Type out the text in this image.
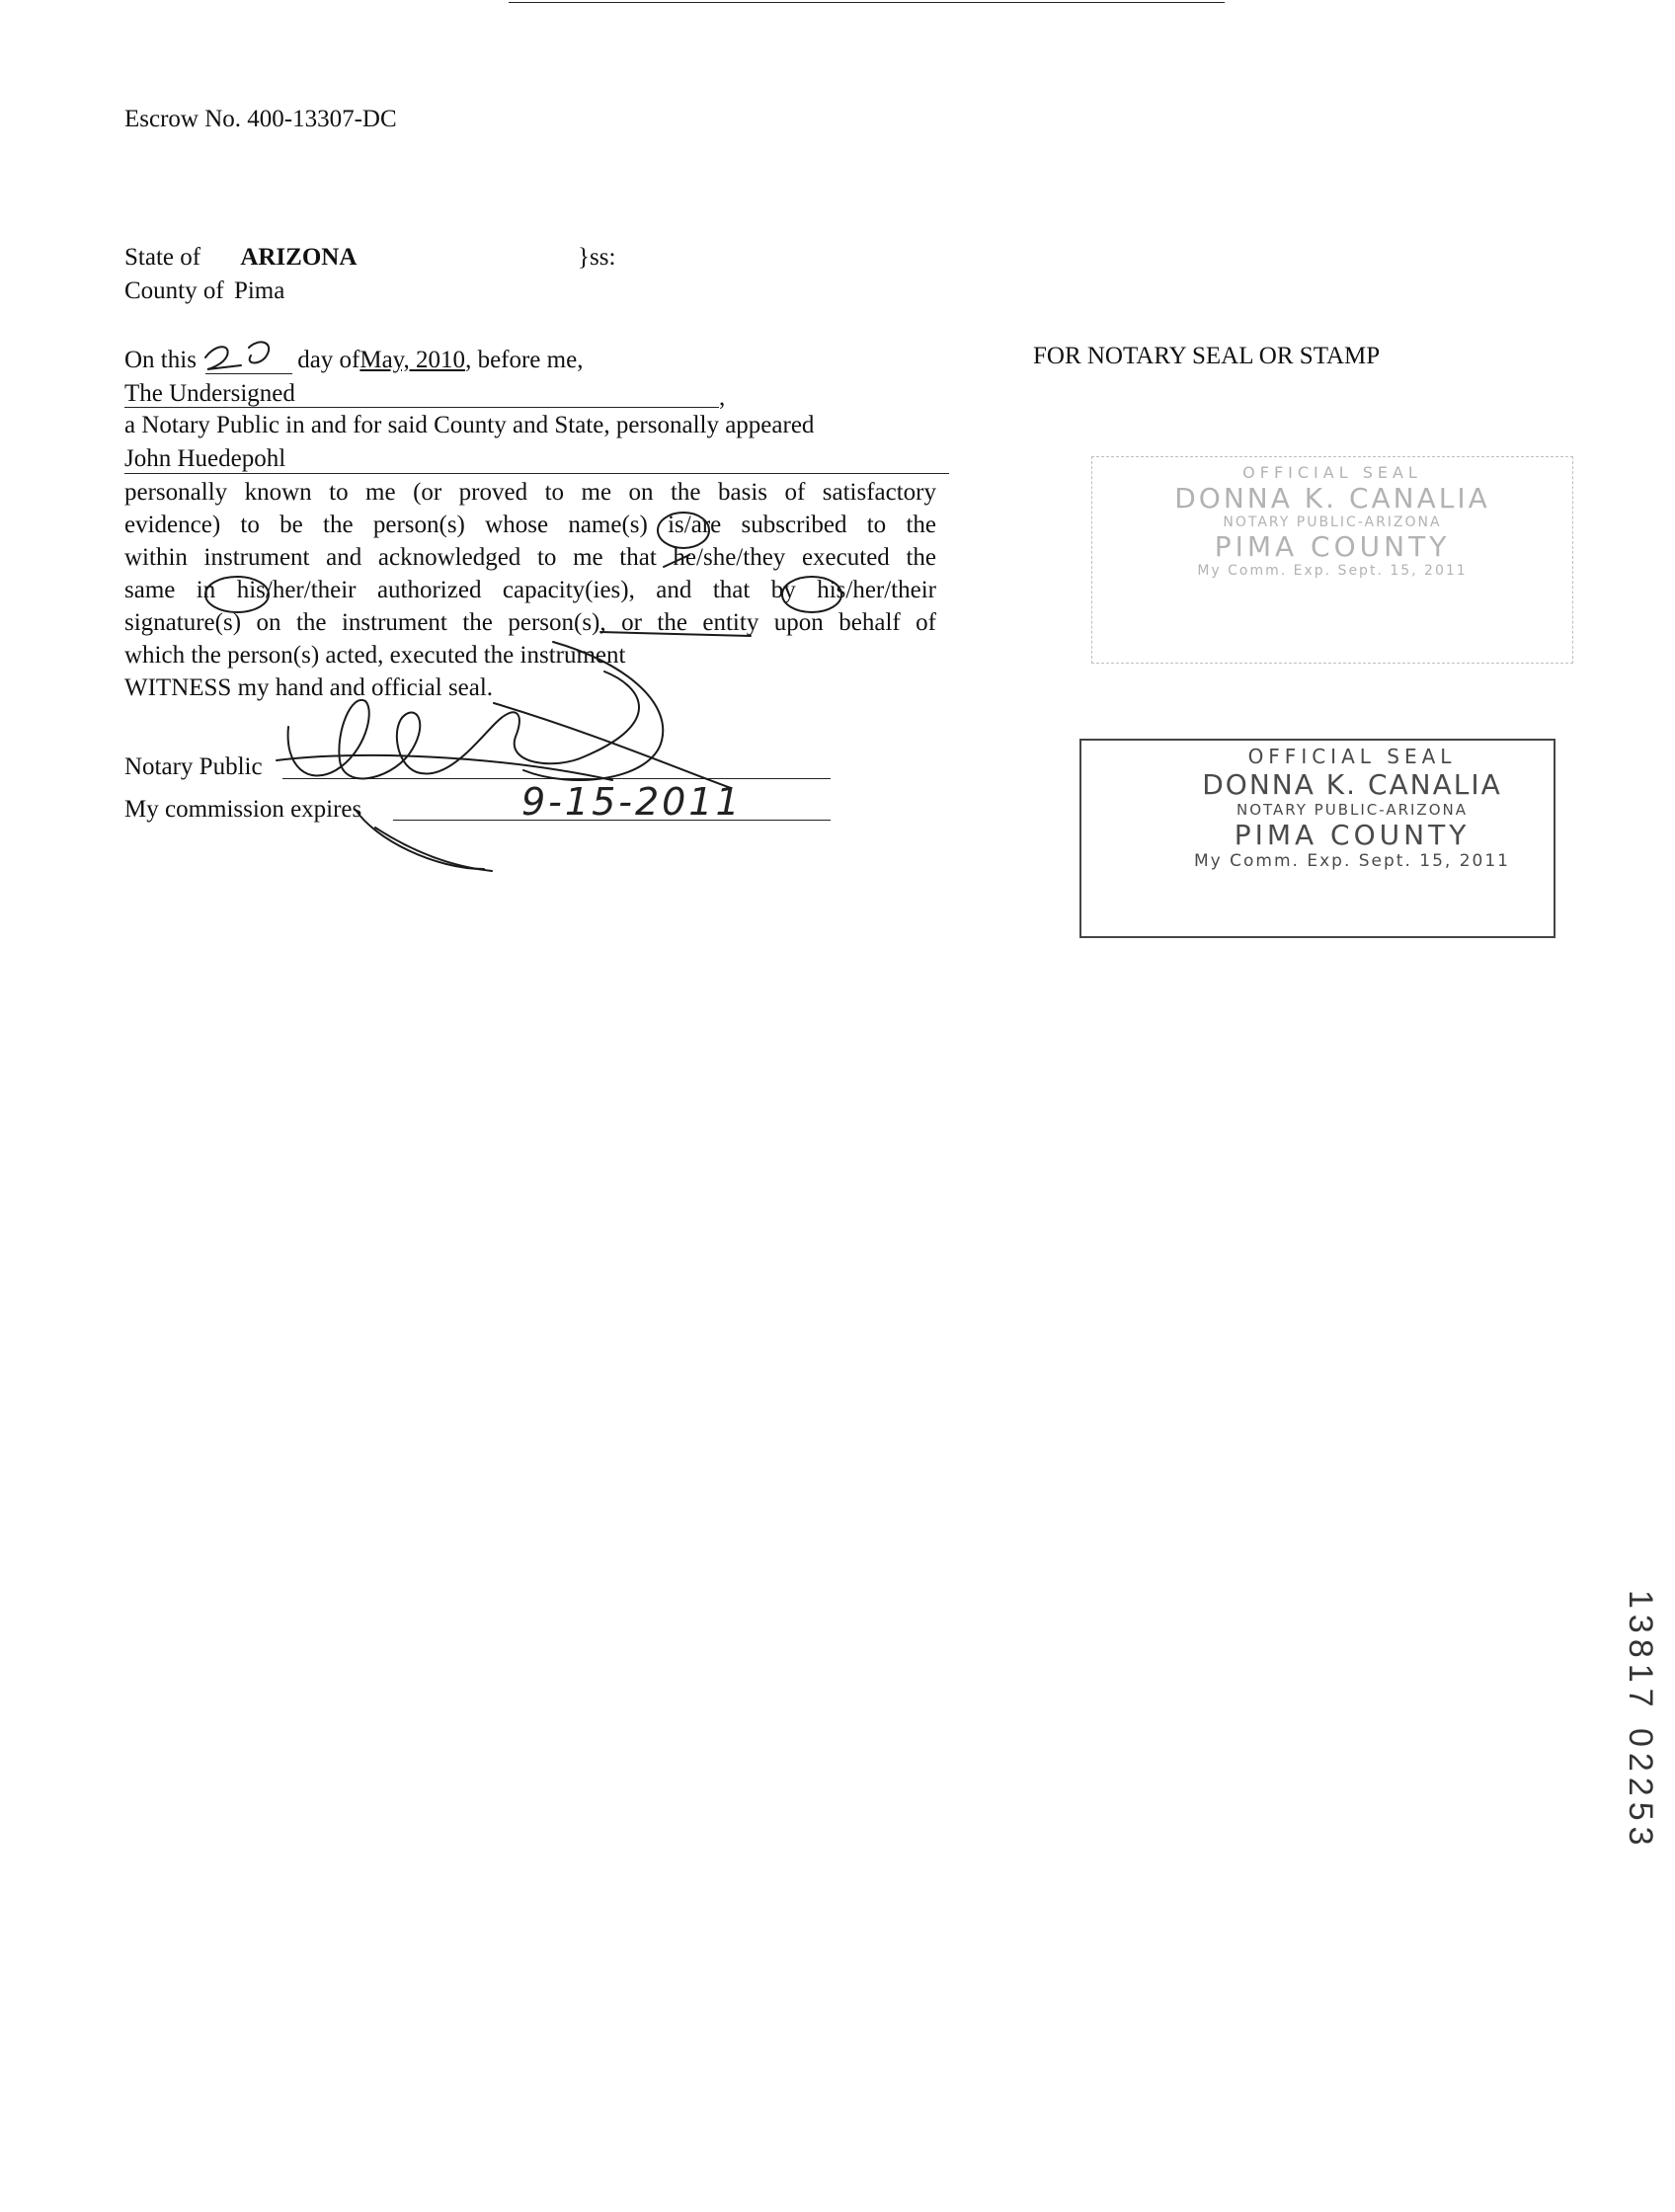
Escrow No. 400-13307-DC
State of ARIZONA	}ss:
County of Pima
On this	day ofMay, 2010, before me,
The Undersigned	,
a Notary Public in and for said County and State, personally appeared
John Huedepohl
personally known to me (or proved to me on the basis of satisfactory
evidence) to be the person(s) whose name(s) is/are subscribed to the
within instrument and acknowledged to me that he/she/they executed the
same in his/her/their authorized capacity(ies), and that by his/her/their
signature(s) on the instrument the person(s), or the entity upon behalf of
which the person(s) acted, executed the instrument
WITNESS my hand and official seal.
Notary Public
My commission expires	9-15-2011
FOR NOTARY SEAL OR STAMP
OFFICIAL SEAL
DONNA K. CANALIA
NOTARY PUBLIC-ARIZONA
PIMA COUNTY
My Comm. Exp. Sept. 15, 2011
OFFICIAL SEAL
DONNA K. CANALIA
NOTARY PUBLIC-ARIZONA
PIMA COUNTY
My Comm. Exp. Sept. 15, 2011
13817 02253
